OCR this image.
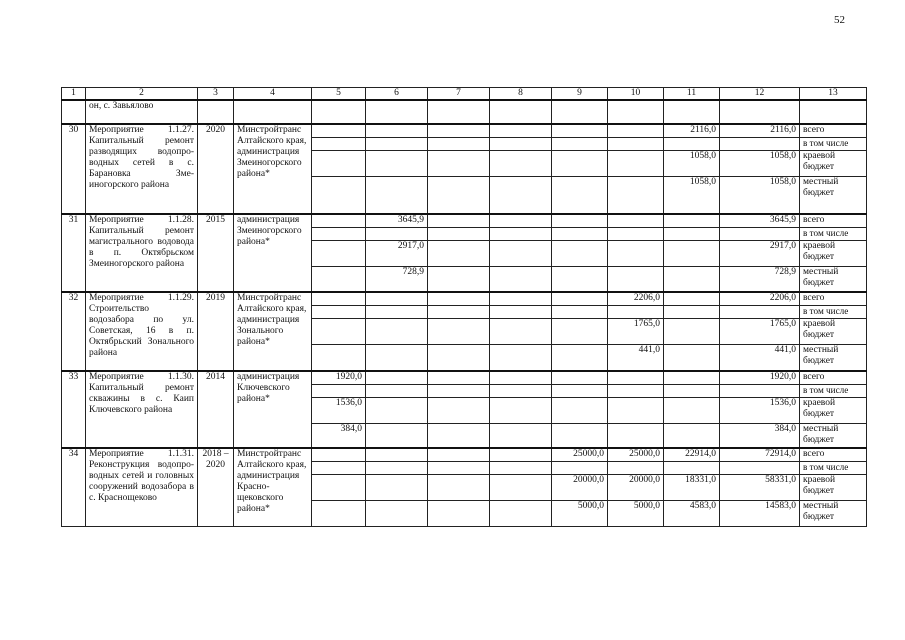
52
1	2	3	4	5	6	7	8	9	10	11	12	13
	он, с. Завьялово											
30	Мероприятие 1.1.27. Капитальный ремонт разводящих водопроводных сетей в с. Барановка Змеиногорского района	2020	Минстройтранс Алтайского края, администрация Змеиногорского района*							2116,0	2116,0	всего
												в том числе
										1058,0	1058,0	краевой бюджет
										1058,0	1058,0	местный бюджет
31	Мероприятие 1.1.28. Капитальный ремонт магистрального водовода в п. Октябрьском Змеиногорского района	2015	администрация Змеиногорского района*		3645,9						3645,9	всего
												в том числе
					2917,0						2917,0	краевой бюджет
					728,9						728,9	местный бюджет
32	Мероприятие 1.1.29. Строительство водозабора по ул. Советская, 16 в п. Октябрьский Зонального района	2019	Минстройтранс Алтайского края, администрация Зонального района*						2206,0		2206,0	всего
												в том числе
									1765,0		1765,0	краевой бюджет
									441,0		441,0	местный бюджет
33	Мероприятие 1.1.30. Капитальный ремонт скважины в с. Каип Ключевского района	2014	администрация Ключевского района*	1920,0							1920,0	всего
												в том числе
				1536,0							1536,0	краевой бюджет
				384,0							384,0	местный бюджет
34	Мероприятие 1.1.31. Реконструкция водопроводных сетей и головных сооружений водозабора в с. Краснощеково	2018 – 2020	Минстройтранс Алтайского края, администрация Краснощековского района*					25000,0	25000,0	22914,0	72914,0	всего
												в том числе
								20000,0	20000,0	18331,0	58331,0	краевой бюджет
								5000,0	5000,0	4583,0	14583,0	местный бюджет
